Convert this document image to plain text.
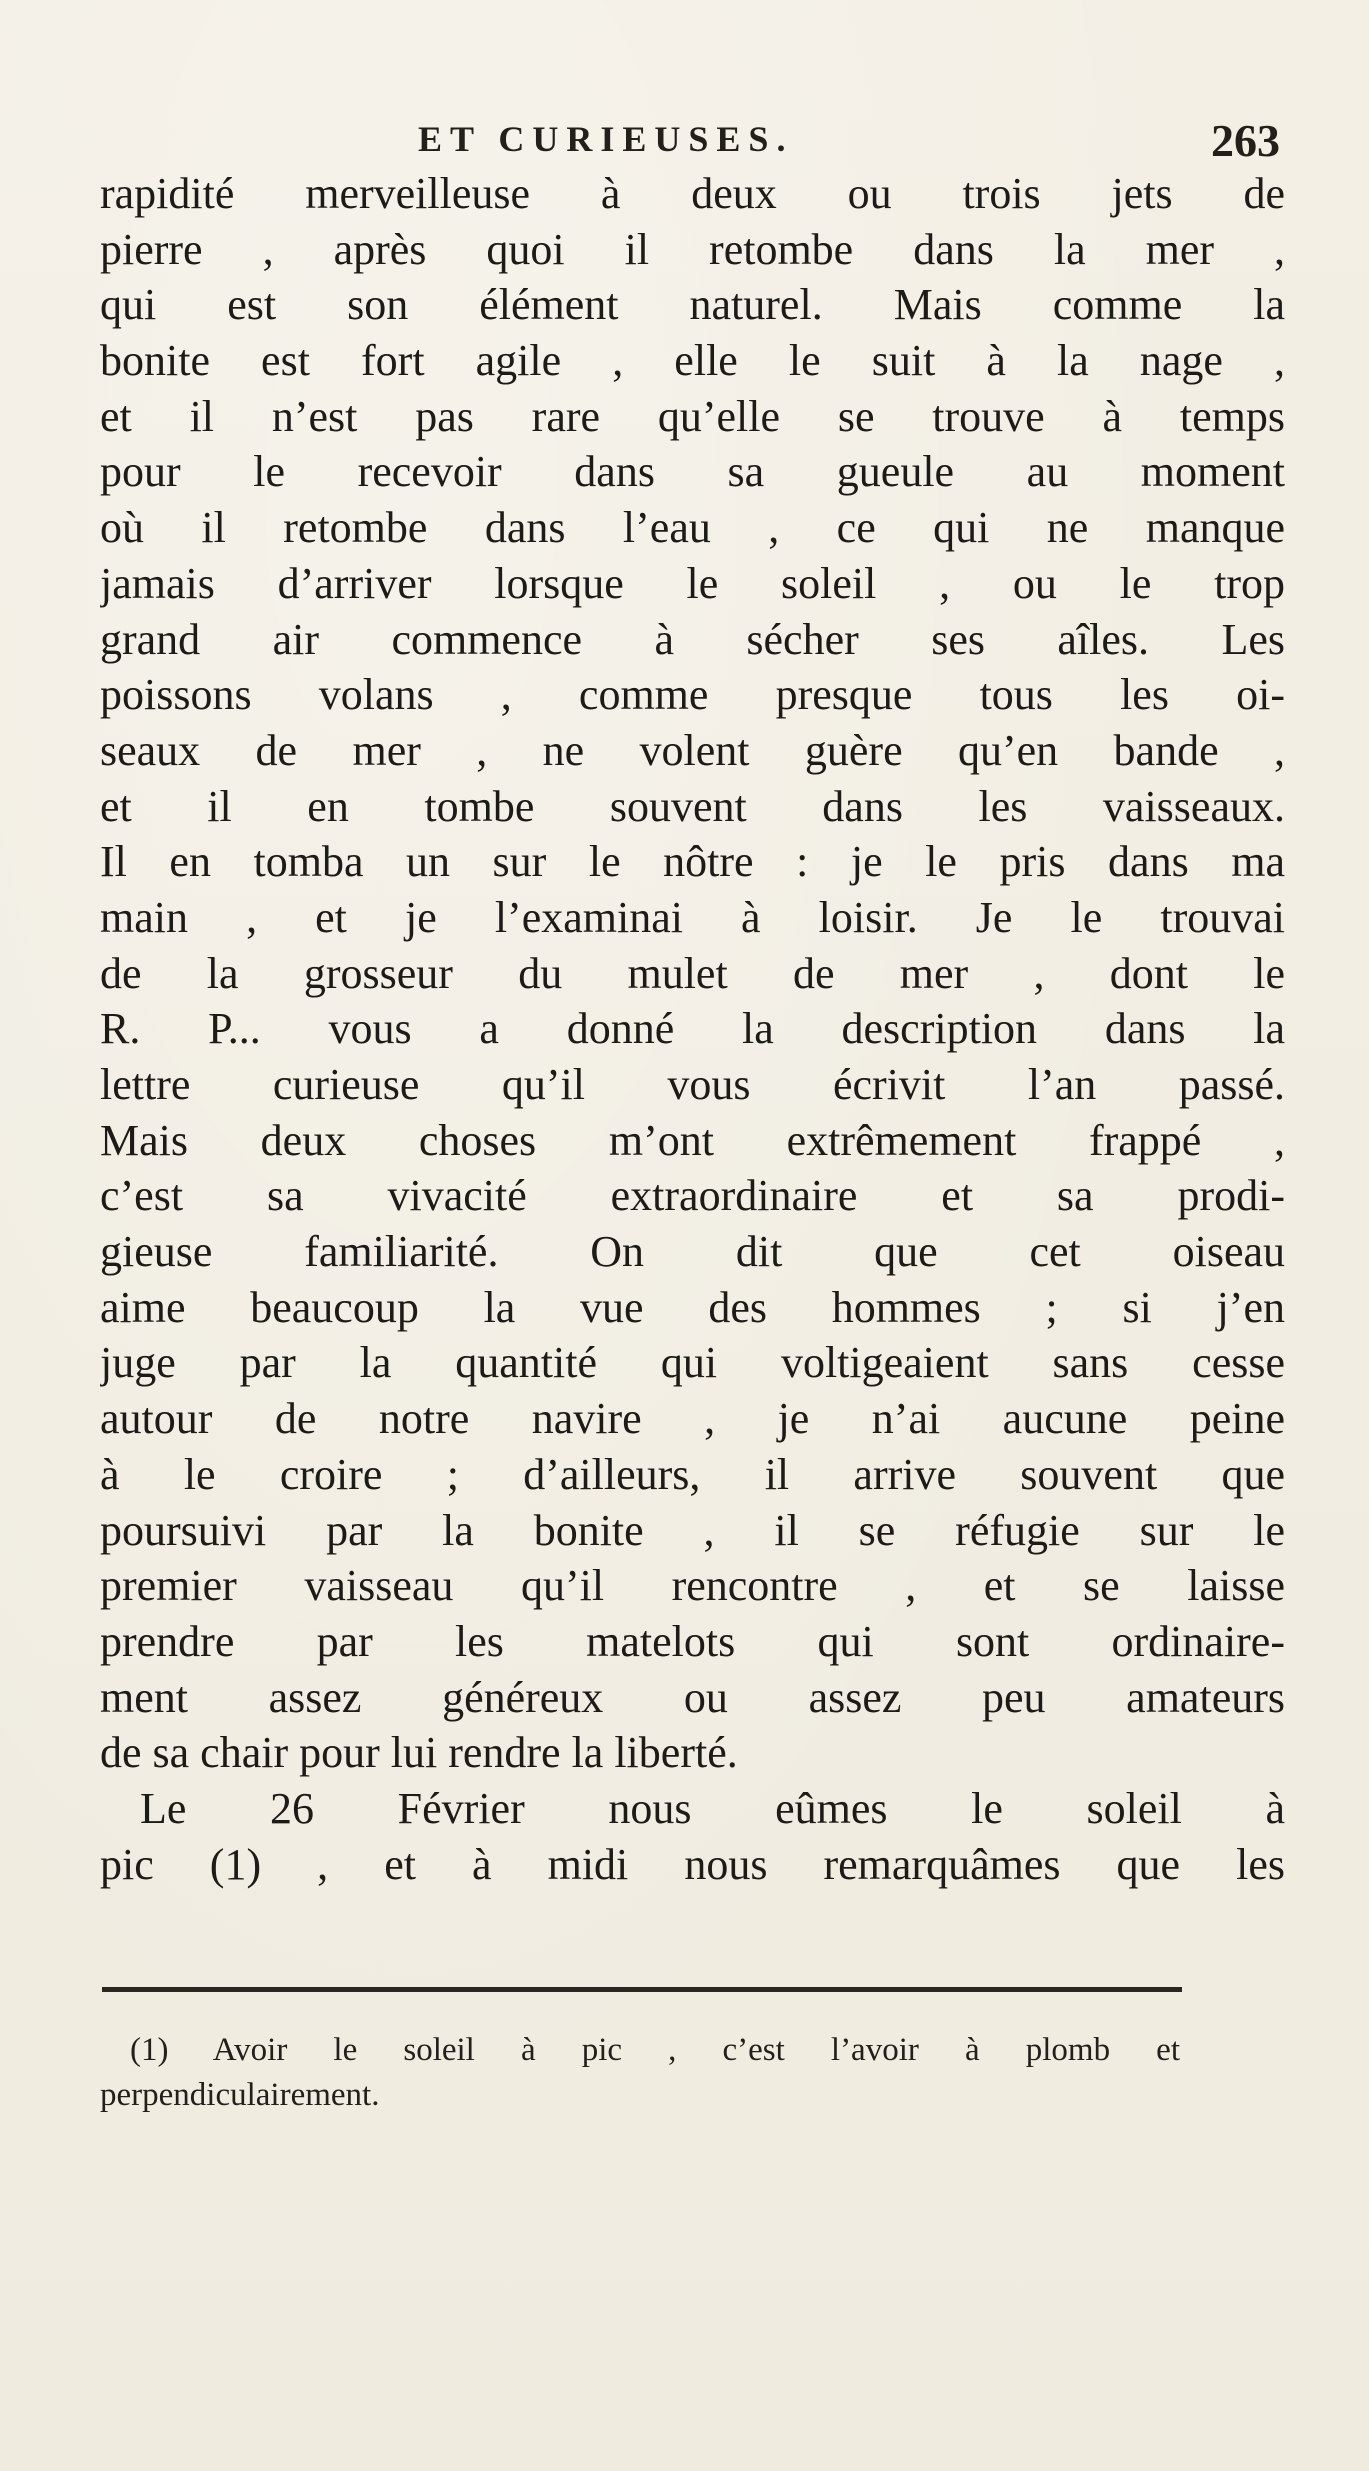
ET CURIEUSES.	263
rapidité merveilleuse à deux ou trois jets de
pierre , après quoi il retombe dans la mer ,
qui est son élément naturel. Mais comme la
bonite est fort agile , elle le suit à la nage ,
et il n’est pas rare qu’elle se trouve à temps
pour le recevoir dans sa gueule au moment
où il retombe dans l’eau , ce qui ne manque
jamais d’arriver lorsque le soleil , ou le trop
grand air commence à sécher ses aîles. Les
poissons volans , comme presque tous les oi-
seaux de mer , ne volent guère qu’en bande ,
et il en tombe souvent dans les vaisseaux.
Il en tomba un sur le nôtre : je le pris dans ma
main , et je l’examinai à loisir. Je le trouvai
de la grosseur du mulet de mer , dont le
R. P... vous a donné la description dans la
lettre curieuse qu’il vous écrivit l’an passé.
Mais deux choses m’ont extrêmement frappé ,
c’est sa vivacité extraordinaire et sa prodi-
gieuse familiarité. On dit que cet oiseau
aime beaucoup la vue des hommes ; si j’en
juge par la quantité qui voltigeaient sans cesse
autour de notre navire , je n’ai aucune peine
à le croire ; d’ailleurs, il arrive souvent que
poursuivi par la bonite , il se réfugie sur le
premier vaisseau qu’il rencontre , et se laisse
prendre par les matelots qui sont ordinaire-
ment assez généreux ou assez peu amateurs
de sa chair pour lui rendre la liberté.
Le 26 Février nous eûmes le soleil à
pic (1) , et à midi nous remarquâmes que les
(1) Avoir le soleil à pic , c’est l’avoir à plomb et
perpendiculairement.
